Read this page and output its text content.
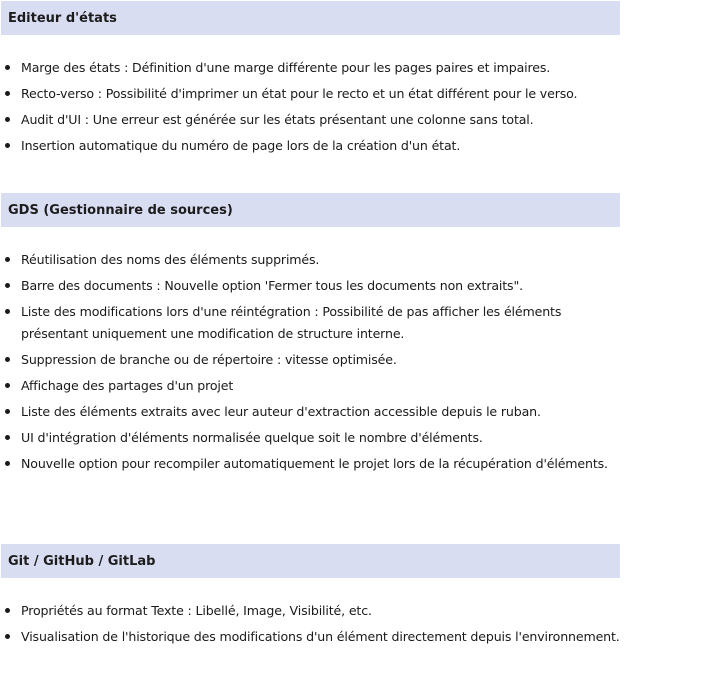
Editeur d'états
Marge des états : Définition d'une marge différente pour les pages paires et impaires.
Recto-verso : Possibilité d'imprimer un état pour le recto et un état différent pour le verso.
Audit d'UI : Une erreur est générée sur les états présentant une colonne sans total.
Insertion automatique du numéro de page lors de la création d'un état.
GDS (Gestionnaire de sources)
Réutilisation des noms des éléments supprimés.
Barre des documents : Nouvelle option 'Fermer tous les documents non extraits".
Liste des modifications lors d'une réintégration : Possibilité de pas afficher les éléments présentant uniquement une modification de structure interne.
Suppression de branche ou de répertoire : vitesse optimisée.
Affichage des partages d'un projet
Liste des éléments extraits avec leur auteur d'extraction accessible depuis le ruban.
UI d'intégration d'éléments normalisée quelque soit le nombre d'éléments.
Nouvelle option pour recompiler automatiquement le projet lors de la récupération d'éléments.
Git / GitHub / GitLab
Propriétés au format Texte : Libellé, Image, Visibilité, etc.
Visualisation de l'historique des modifications d'un élément directement depuis l'environnement.
